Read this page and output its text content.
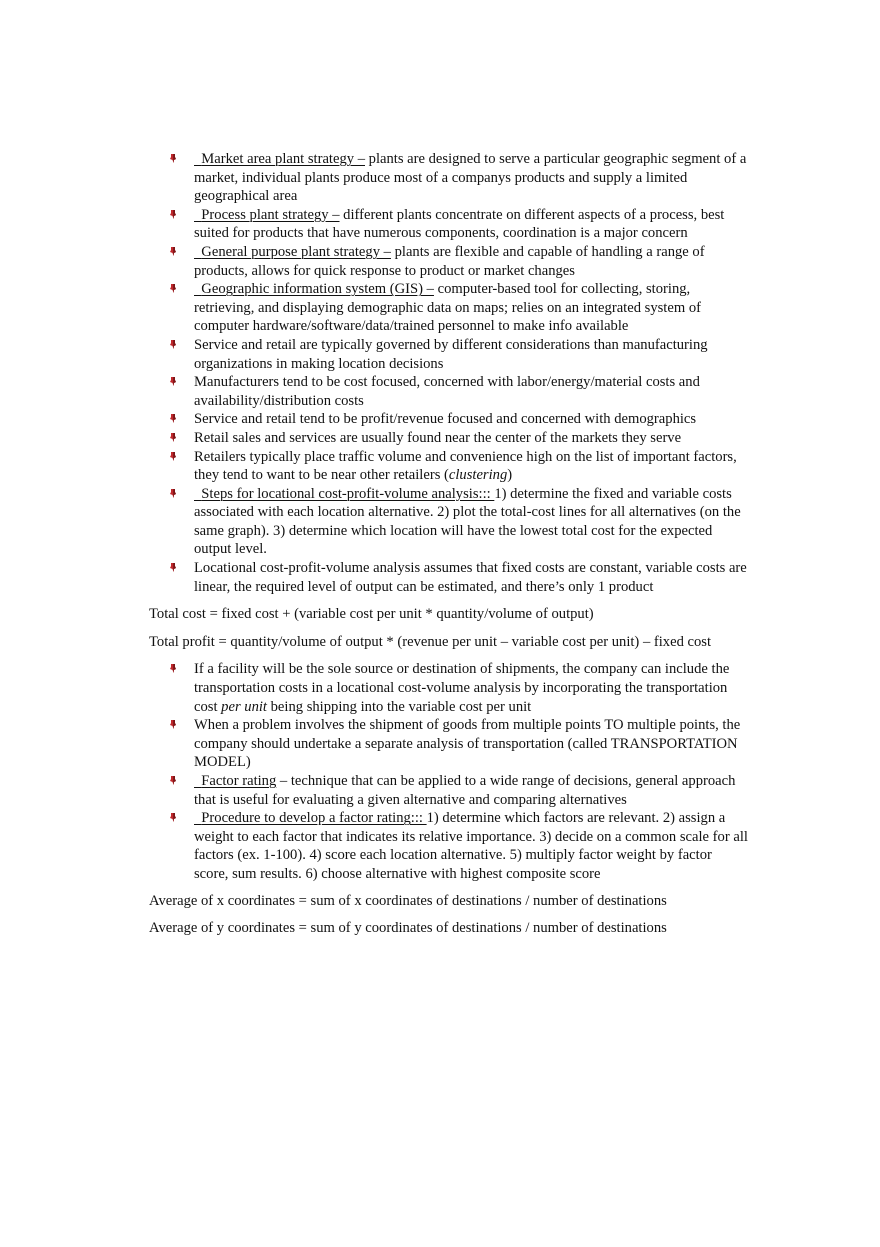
Market area plant strategy – plants are designed to serve a particular geographic segment of a market, individual plants produce most of a companys products and supply a limited geographical area
Process plant strategy – different plants concentrate on different aspects of a process, best suited for products that have numerous components, coordination is a major concern
General purpose plant strategy – plants are flexible and capable of handling a range of products, allows for quick response to product or market changes
Geographic information system (GIS) – computer-based tool for collecting, storing, retrieving, and displaying demographic data on maps; relies on an integrated system of computer hardware/software/data/trained personnel to make info available
Service and retail are typically governed by different considerations than manufacturing organizations in making location decisions
Manufacturers tend to be cost focused, concerned with labor/energy/material costs and availability/distribution costs
Service and retail tend to be profit/revenue focused and concerned with demographics
Retail sales and services are usually found near the center of the markets they serve
Retailers typically place traffic volume and convenience high on the list of important factors, they tend to want to be near other retailers (clustering)
Steps for locational cost-profit-volume analysis::: 1) determine the fixed and variable costs associated with each location alternative. 2) plot the total-cost lines for all alternatives (on the same graph). 3) determine which location will have the lowest total cost for the expected output level.
Locational cost-profit-volume analysis assumes that fixed costs are constant, variable costs are linear, the required level of output can be estimated, and there’s only 1 product

Total cost = fixed cost + (variable cost per unit * quantity/volume of output)

Total profit = quantity/volume of output * (revenue per unit – variable cost per unit) – fixed cost

If a facility will be the sole source or destination of shipments, the company can include the transportation costs in a locational cost-volume analysis by incorporating the transportation cost per unit being shipping into the variable cost per unit
When a problem involves the shipment of goods from multiple points TO multiple points, the company should undertake a separate analysis of transportation (called TRANSPORTATION MODEL)
Factor rating – technique that can be applied to a wide range of decisions, general approach that is useful for evaluating a given alternative and comparing alternatives
Procedure to develop a factor rating::: 1) determine which factors are relevant. 2) assign a weight to each factor that indicates its relative importance. 3) decide on a common scale for all factors (ex. 1-100). 4) score each location alternative. 5) multiply factor weight by factor score, sum results. 6) choose alternative with highest composite score

Average of x coordinates = sum of x coordinates of destinations / number of destinations

Average of y coordinates = sum of y coordinates of destinations / number of destinations
